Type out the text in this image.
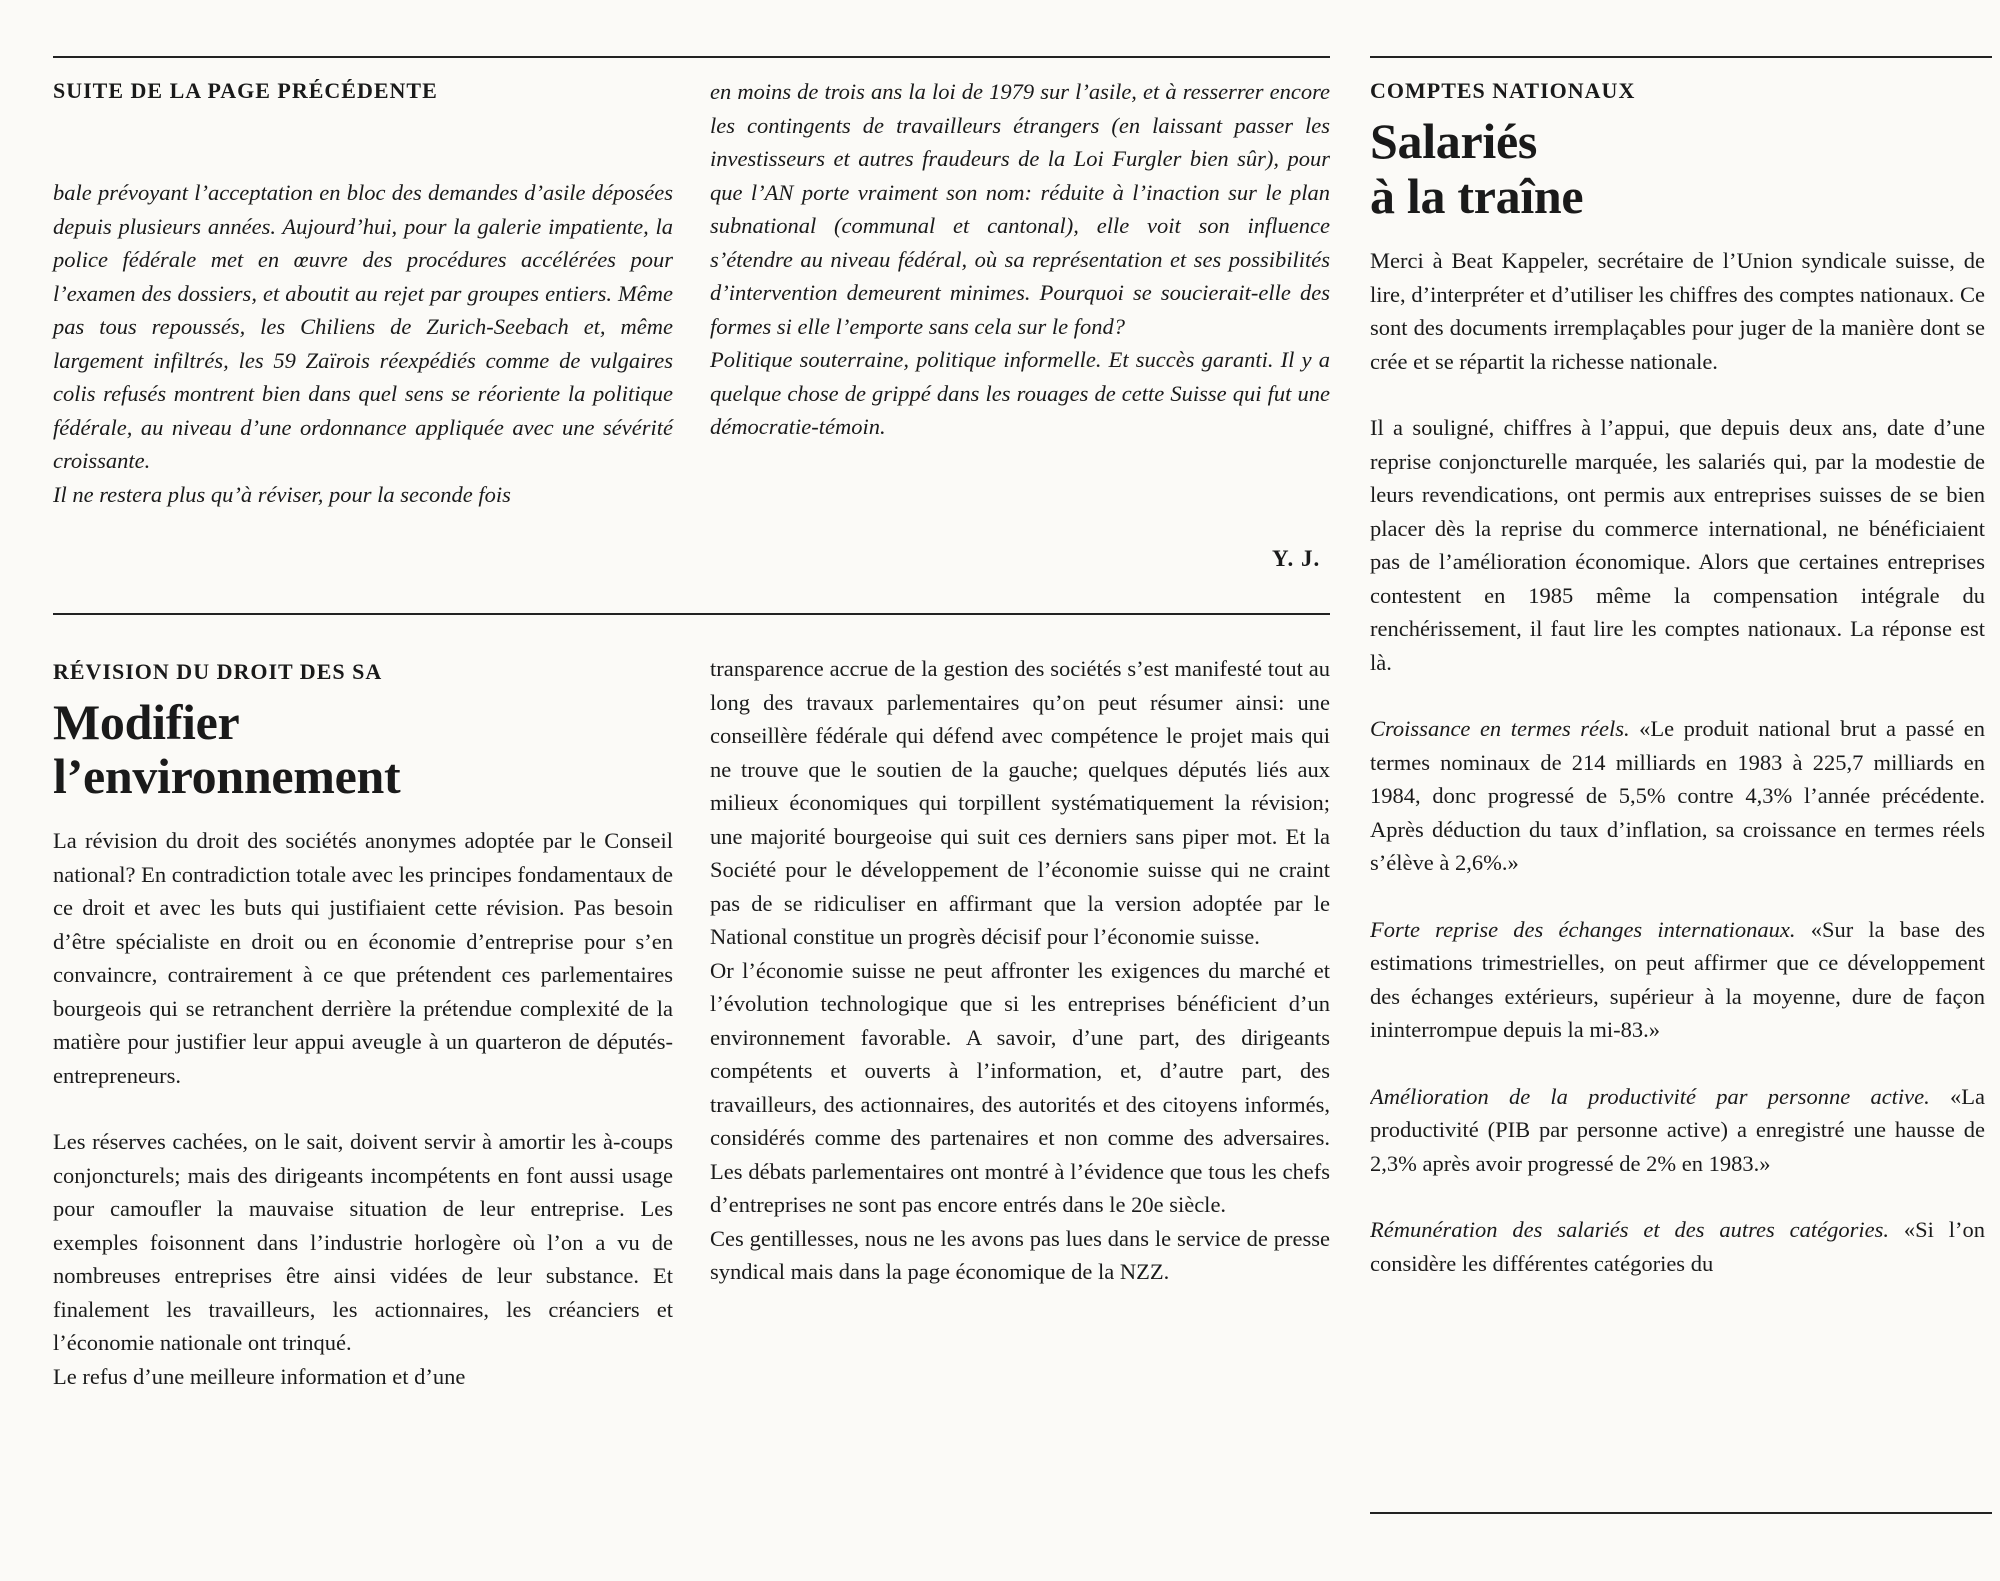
SUITE DE LA PAGE PRÉCÉDENTE

bale prévoyant l’acceptation en bloc des demandes d’asile déposées depuis plusieurs années. Aujourd’hui, pour la galerie impatiente, la police fédérale met en œuvre des procédures accélérées pour l’examen des dossiers, et aboutit au rejet par groupes entiers. Même pas tous repoussés, les Chiliens de Zurich-Seebach et, même largement infiltrés, les 59 Zaïrois réexpédiés comme de vulgaires colis refusés montrent bien dans quel sens se réoriente la politique fédérale, au niveau d’une ordonnance appliquée avec une sévérité croissante.

Il ne restera plus qu’à réviser, pour la seconde fois

en moins de trois ans la loi de 1979 sur l’asile, et à resserrer encore les contingents de travailleurs étrangers (en laissant passer les investisseurs et autres fraudeurs de la Loi Furgler bien sûr), pour que l’AN porte vraiment son nom: réduite à l’inaction sur le plan subnational (communal et cantonal), elle voit son influence s’étendre au niveau fédéral, où sa représentation et ses possibilités d’intervention demeurent minimes. Pourquoi se soucierait-elle des formes si elle l’emporte sans cela sur le fond?

Politique souterraine, politique informelle. Et succès garanti. Il y a quelque chose de grippé dans les rouages de cette Suisse qui fut une démocratie-témoin.

Y. J.
RÉVISION DU DROIT DES SA
Modifier
l’environnement

La révision du droit des sociétés anonymes adoptée par le Conseil national? En contradiction totale avec les principes fondamentaux de ce droit et avec les buts qui justifiaient cette révision. Pas besoin d’être spécialiste en droit ou en économie d’entreprise pour s’en convaincre, contrairement à ce que prétendent ces parlementaires bourgeois qui se retranchent derrière la prétendue complexité de la matière pour justifier leur appui aveugle à un quarteron de députés-entrepreneurs.

Les réserves cachées, on le sait, doivent servir à amortir les à-coups conjoncturels; mais des dirigeants incompétents en font aussi usage pour camoufler la mauvaise situation de leur entreprise. Les exemples foisonnent dans l’industrie horlogère où l’on a vu de nombreuses entreprises être ainsi vidées de leur substance. Et finalement les travailleurs, les actionnaires, les créanciers et l’économie nationale ont trinqué.

Le refus d’une meilleure information et d’une

transparence accrue de la gestion des sociétés s’est manifesté tout au long des travaux parlementaires qu’on peut résumer ainsi: une conseillère fédérale qui défend avec compétence le projet mais qui ne trouve que le soutien de la gauche; quelques députés liés aux milieux économiques qui torpillent systématiquement la révision; une majorité bourgeoise qui suit ces derniers sans piper mot. Et la Société pour le développement de l’économie suisse qui ne craint pas de se ridiculiser en affirmant que la version adoptée par le National constitue un progrès décisif pour l’économie suisse.

Or l’économie suisse ne peut affronter les exigences du marché et l’évolution technologique que si les entreprises bénéficient d’un environnement favorable. A savoir, d’une part, des dirigeants compétents et ouverts à l’information, et, d’autre part, des travailleurs, des actionnaires, des autorités et des citoyens informés, considérés comme des partenaires et non comme des adversaires. Les débats parlementaires ont montré à l’évidence que tous les chefs d’entreprises ne sont pas encore entrés dans le 20e siècle.

Ces gentillesses, nous ne les avons pas lues dans le service de presse syndical mais dans la page économique de la NZZ.

COMPTES NATIONAUX
Salariés
à la traîne

Merci à Beat Kappeler, secrétaire de l’Union syndicale suisse, de lire, d’interpréter et d’utiliser les chiffres des comptes nationaux. Ce sont des documents irremplaçables pour juger de la manière dont se crée et se répartit la richesse nationale.

Il a souligné, chiffres à l’appui, que depuis deux ans, date d’une reprise conjoncturelle marquée, les salariés qui, par la modestie de leurs revendications, ont permis aux entreprises suisses de se bien placer dès la reprise du commerce international, ne bénéficiaient pas de l’amélioration économique. Alors que certaines entreprises contestent en 1985 même la compensation intégrale du renchérissement, il faut lire les comptes nationaux. La réponse est là.

Croissance en termes réels. «Le produit national brut a passé en termes nominaux de 214 milliards en 1983 à 225,7 milliards en 1984, donc progressé de 5,5% contre 4,3% l’année précédente. Après déduction du taux d’inflation, sa croissance en termes réels s’élève à 2,6%.»

Forte reprise des échanges internationaux. «Sur la base des estimations trimestrielles, on peut affirmer que ce développement des échanges extérieurs, supérieur à la moyenne, dure de façon ininterrompue depuis la mi-83.»

Amélioration de la productivité par personne active. «La productivité (PIB par personne active) a enregistré une hausse de 2,3% après avoir progressé de 2% en 1983.»

Rémunération des salariés et des autres catégories. «Si l’on considère les différentes catégories du
